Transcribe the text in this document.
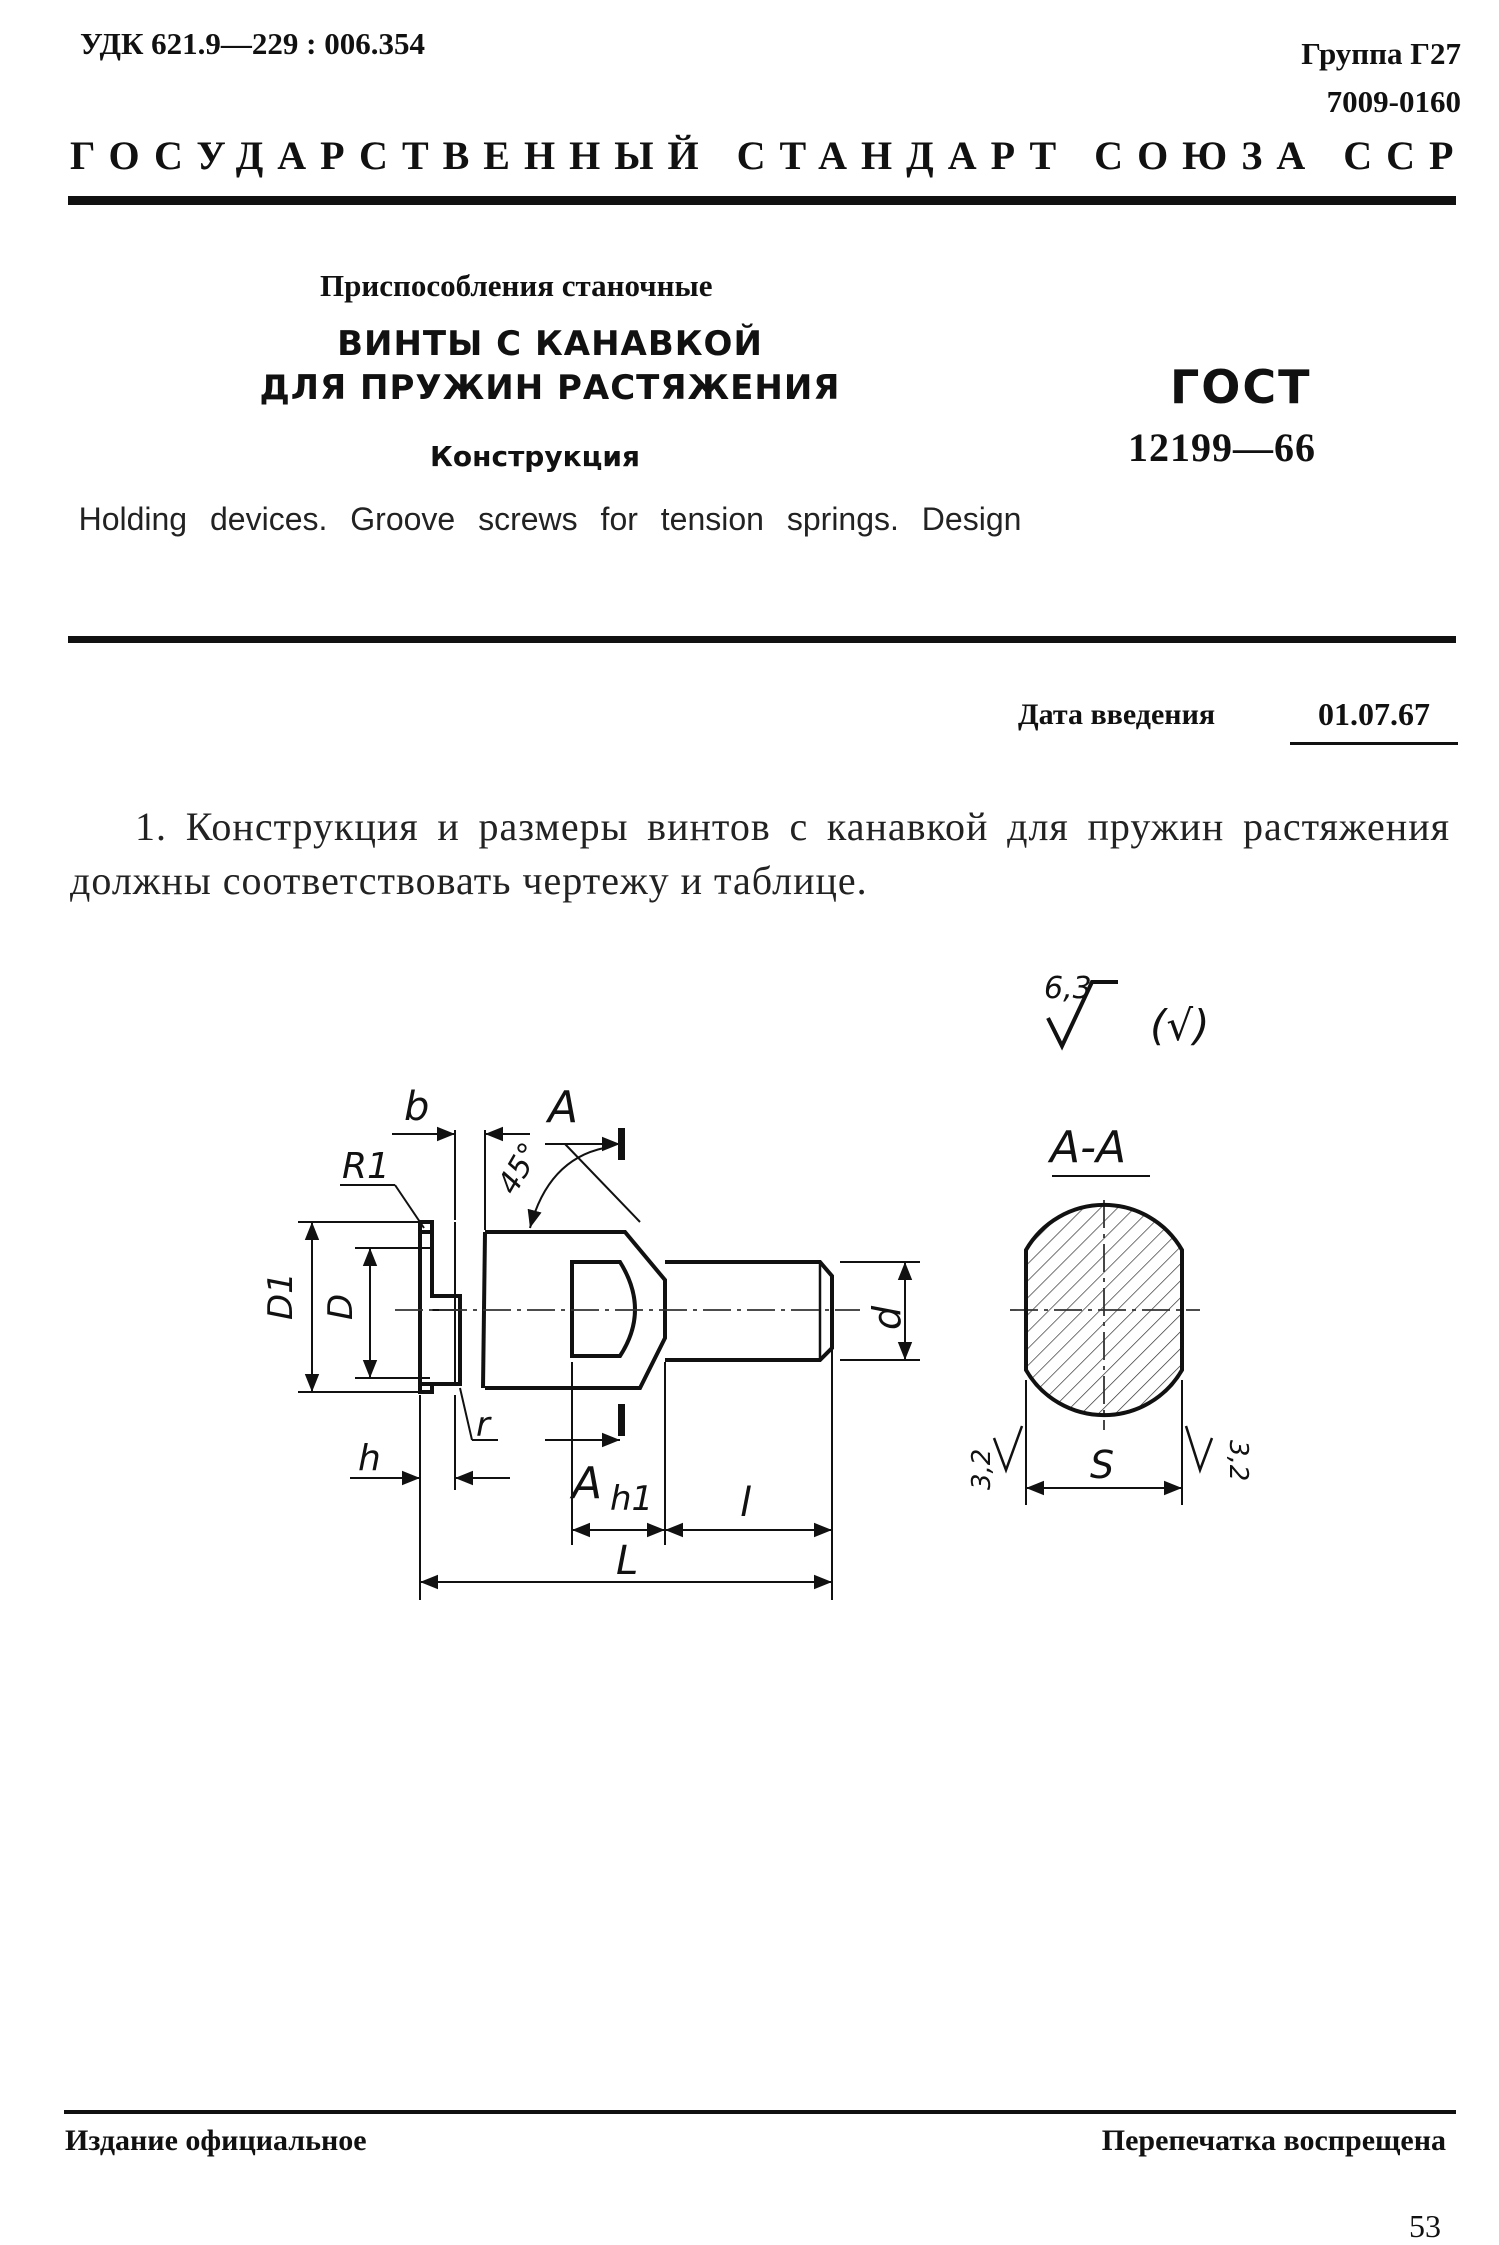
УДК 621.9—229 : 006.354	Группа Г27
7009-0160
ГОСУДАРСТВЕННЫЙ СТАНДАРТ СОЮЗА ССР
Приспособления станочные
ВИНТЫ С КАНАВКОЙ
ДЛЯ ПРУЖИН РАСТЯЖЕНИЯ
Конструкция
ГОСТ
12199—66
Holding devices. Groove screws for tension springs. Design
Дата введения	01.07.67
1. Конструкция и размеры винтов с канавкой для пружин растяжения должны соответствовать чертежу и таблице.
6,3
(√)
b
R1
А
45°
D1 D
r
h	А h1 l
L
d
А-А
S
3,2	3,2
Издание официальное	Перепечатка воспрещена
53
